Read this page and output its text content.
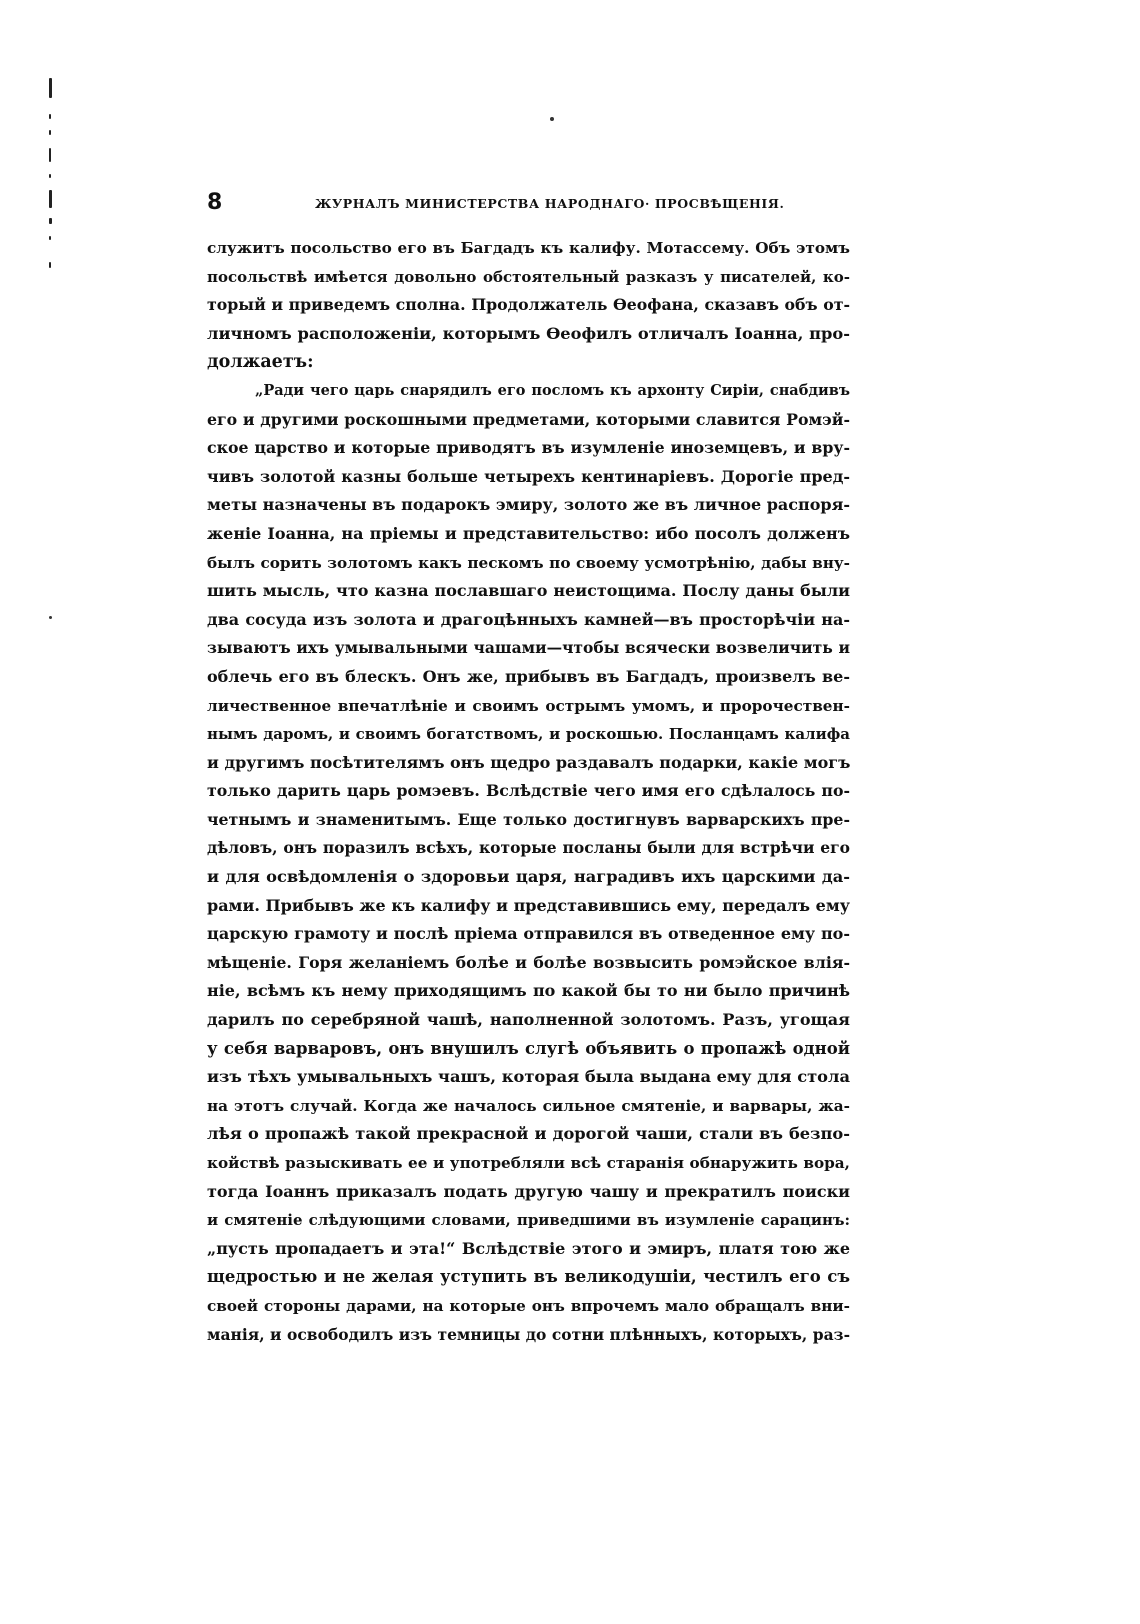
8	ЖУРНАЛЪ МИНИСТЕРСТВА НАРОДНАГО· ПРОСВѢЩЕНІЯ.
служитъ посольство его въ Багдадъ къ калифу. Мотассему. Объ этомъ
посольствѣ имѣется довольно обстоятельный разказъ у писателей, ко-
торый и приведемъ сполна. Продолжатель Ѳеофана, сказавъ объ от-
личномъ расположеніи, которымъ Ѳеофилъ отличалъ Іоанна, про-
должаетъ:
„Ради чего царь снарядилъ его посломъ къ архонту Сиріи, снабдивъ
его и другими роскошными предметами, которыми славится Ромэй-
ское царство и которые приводятъ въ изумленіе иноземцевъ, и вру-
чивъ золотой казны больше четырехъ кентинаріевъ. Дорогіе пред-
меты назначены въ подарокъ эмиру, золото же въ личное распоря-
женіе Іоанна, на пріемы и представительство: ибо посолъ долженъ
былъ сорить золотомъ какъ пескомъ по своему усмотрѣнію, дабы вну-
шить мысль, что казна пославшаго неистощима. Послу даны были
два сосуда изъ золота и драгоцѣнныхъ камней—въ просторѣчіи на-
зываютъ ихъ умывальными чашами—чтобы всячески возвеличить и
облечь его въ блескъ. Онъ же, прибывъ въ Багдадъ, произвелъ ве-
личественное впечатлѣніе и своимъ острымъ умомъ, и пророчествен-
нымъ даромъ, и своимъ богатствомъ, и роскошью. Посланцамъ калифа
и другимъ посѣтителямъ онъ щедро раздавалъ подарки, какіе могъ
только дарить царь ромэевъ. Вслѣдствіе чего имя его сдѣлалось по-
четнымъ и знаменитымъ. Еще только достигнувъ варварскихъ пре-
дѣловъ, онъ поразилъ всѣхъ, которые посланы были для встрѣчи его
и для освѣдомленія о здоровьи царя, наградивъ ихъ царскими да-
рами. Прибывъ же къ калифу и представившись ему, передалъ ему
царскую грамоту и послѣ пріема отправился въ отведенное ему по-
мѣщеніе. Горя желаніемъ болѣе и болѣе возвысить ромэйское влія-
ніе, всѣмъ къ нему приходящимъ по какой бы то ни было причинѣ
дарилъ по серебряной чашѣ, наполненной золотомъ. Разъ, угощая
у себя варваровъ, онъ внушилъ слугѣ объявить о пропажѣ одной
изъ тѣхъ умывальныхъ чашъ, которая была выдана ему для стола
на этотъ случай. Когда же началось сильное смятеніе, и варвары, жа-
лѣя о пропажѣ такой прекрасной и дорогой чаши, стали въ безпо-
койствѣ разыскивать ее и употребляли всѣ старанія обнаружить вора,
тогда Іоаннъ приказалъ подать другую чашу и прекратилъ поиски
и смятеніе слѣдующими словами, приведшими въ изумленіе сарацинъ:
„пусть пропадаетъ и эта!“ Вслѣдствіе этого и эмиръ, платя тою же
щедростью и не желая уступить въ великодушіи, честилъ его съ
своей стороны дарами, на которые онъ впрочемъ мало обращалъ вни-
манія, и освободилъ изъ темницы до сотни плѣнныхъ, которыхъ, раз-
